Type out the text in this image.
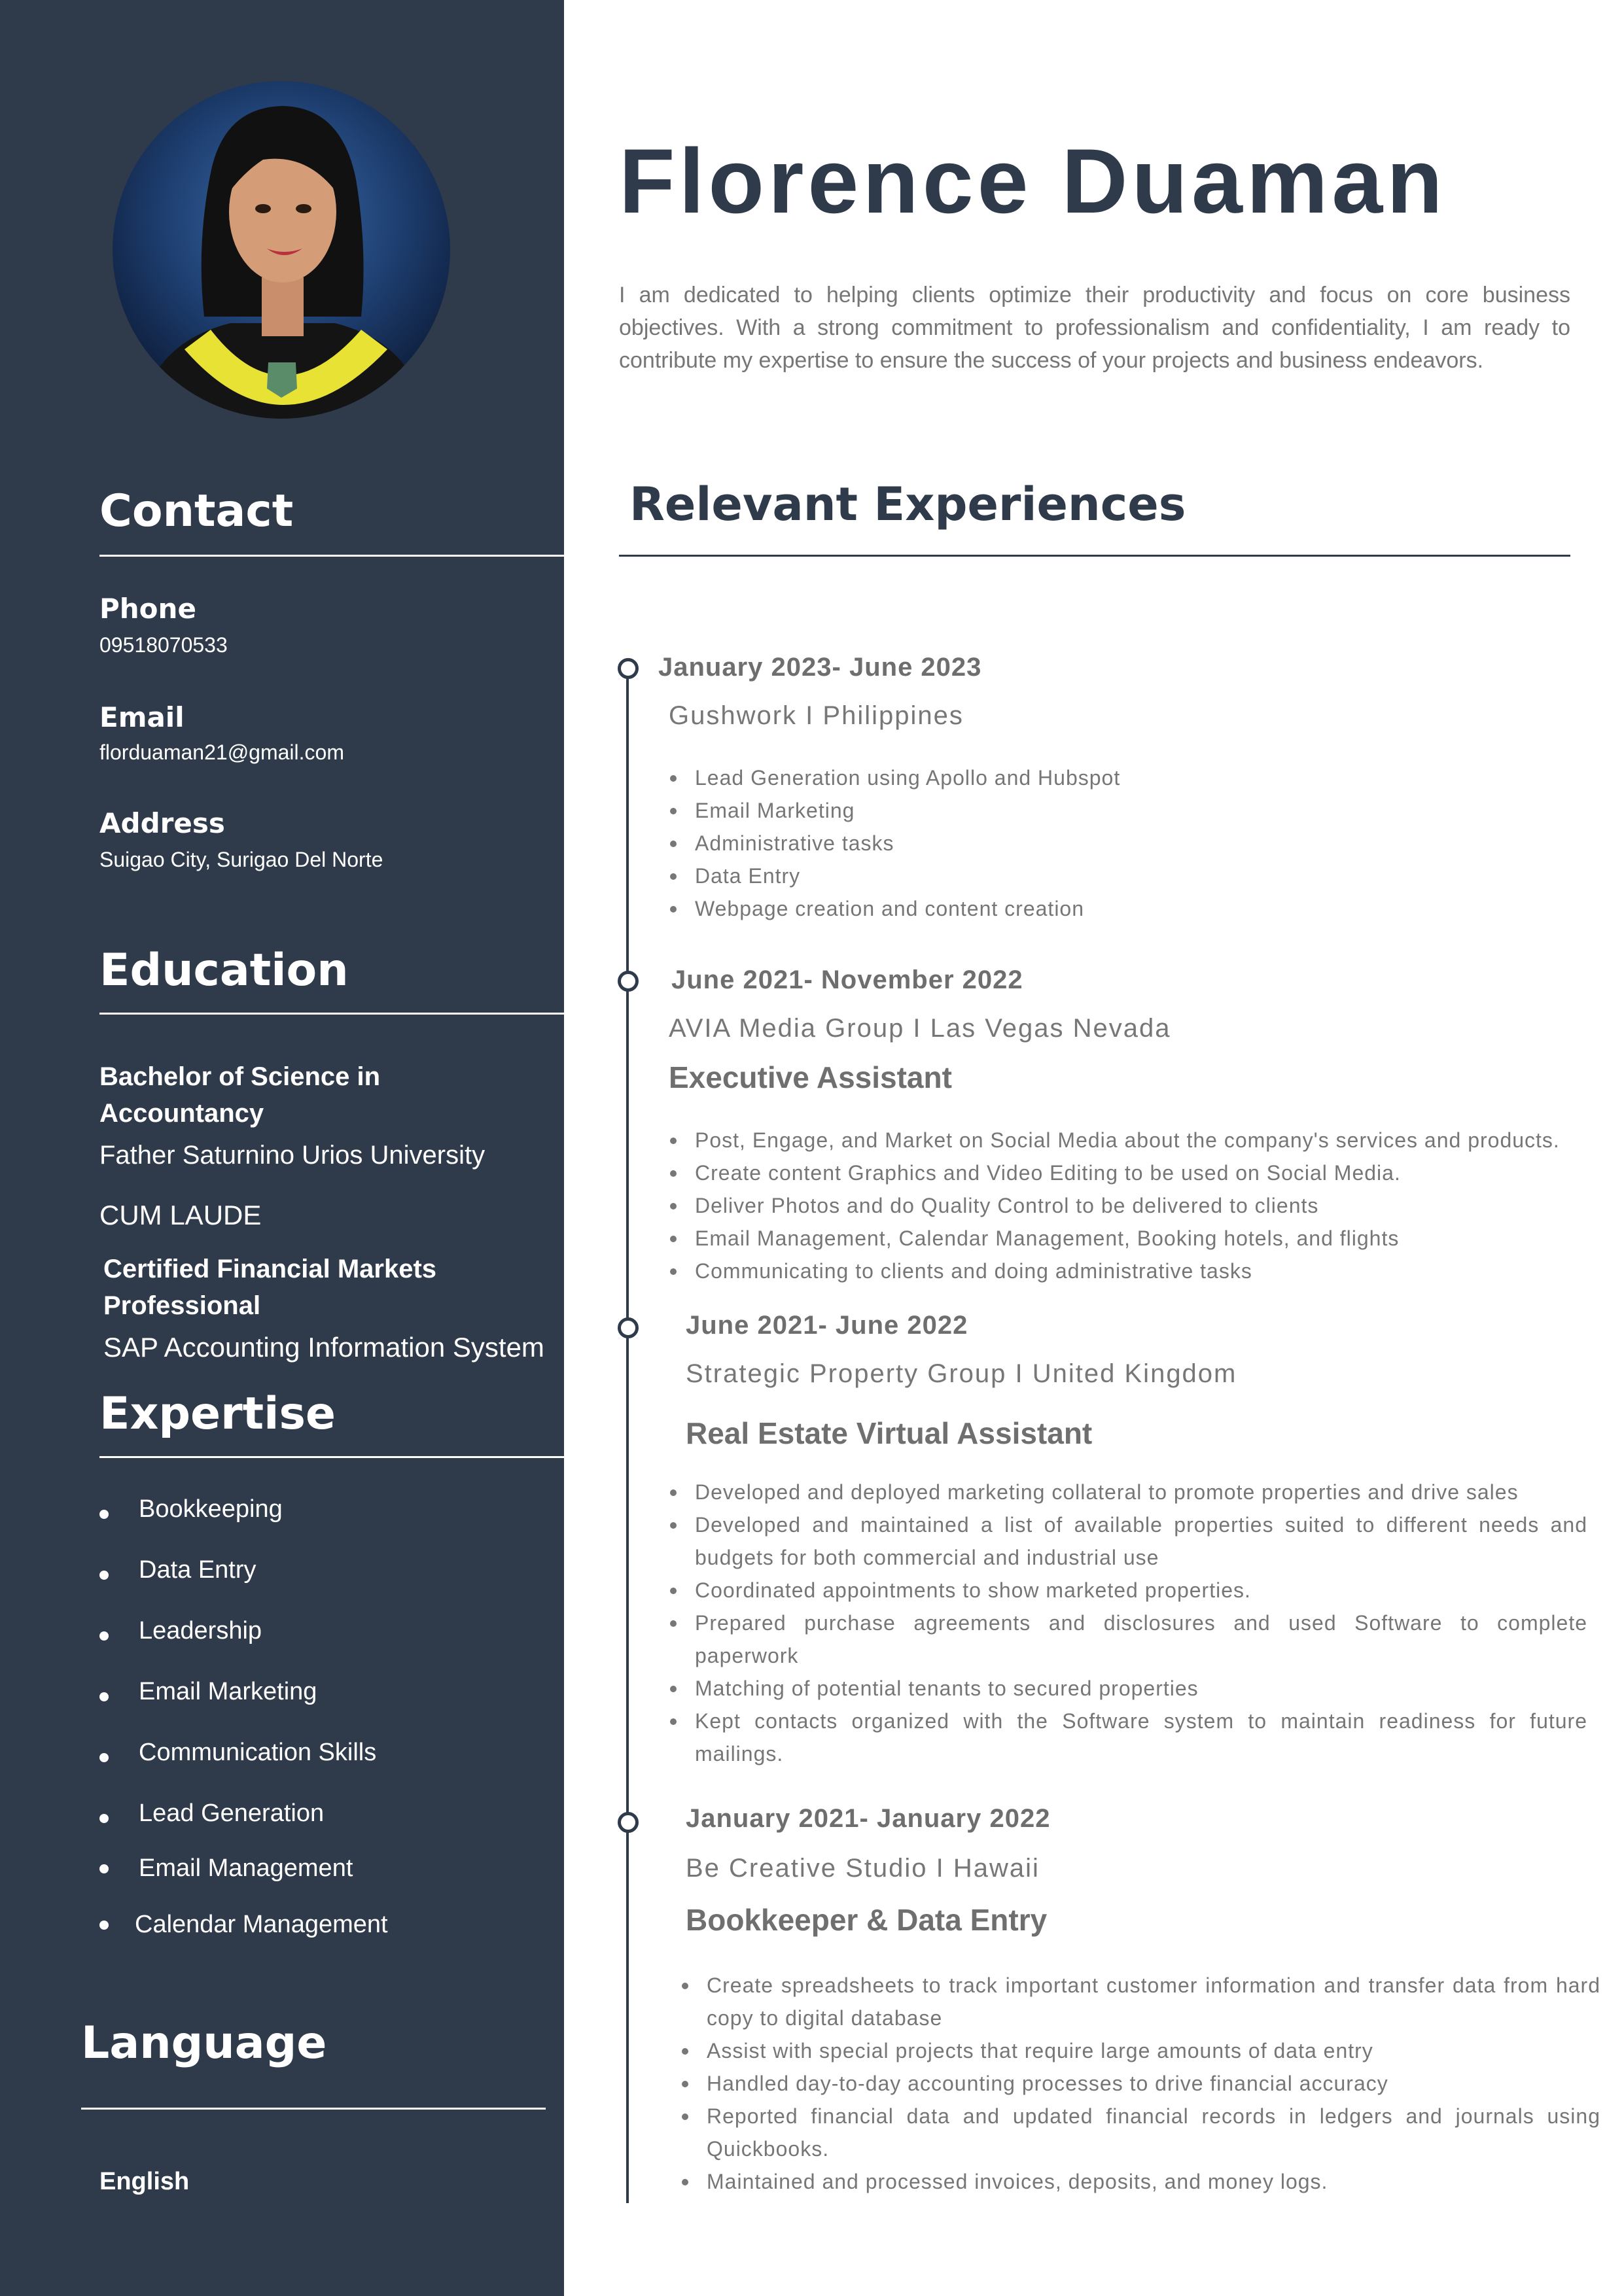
Contact
Phone
09518070533
Email
florduaman21@gmail.com
Address
Suigao City, Surigao Del Norte
Education
Bachelor of Science in Accountancy
Father Saturnino Urios University
CUM LAUDE
Certified Financial Markets Professional
SAP Accounting Information System
Expertise
Bookkeeping
Data Entry
Leadership
Email Marketing
Communication Skills
Lead Generation
Email Management
Calendar Management
Language
English
Florence Duaman
I am dedicated to helping clients optimize their productivity and focus on core business objectives. With a strong commitment to professionalism and confidentiality, I am ready to contribute my expertise to ensure the success of your projects and business endeavors.
Relevant Experiences
January 2023- June 2023
Gushwork I Philippines
Lead Generation using Apollo and Hubspot
Email Marketing
Administrative tasks
Data Entry
Webpage creation and content creation
June 2021- November 2022
AVIA Media Group I Las Vegas Nevada
Executive Assistant
Post, Engage, and Market on Social Media about the company's services and products.
Create content Graphics and Video Editing to be used on Social Media.
Deliver Photos and do Quality Control to be delivered to clients
Email Management, Calendar Management, Booking hotels, and flights
Communicating to clients and doing administrative tasks
June 2021- June 2022
Strategic Property Group I United Kingdom
Real Estate Virtual Assistant
Developed and deployed marketing collateral to promote properties and drive sales
Developed and maintained a list of available properties suited to different needs and budgets for both commercial and industrial use
Coordinated appointments to show marketed properties.
Prepared purchase agreements and disclosures and used Software to complete paperwork
Matching of potential tenants to secured properties
Kept contacts organized with the Software system to maintain readiness for future mailings.
January 2021- January 2022
Be Creative Studio I Hawaii
Bookkeeper & Data Entry
Create spreadsheets to track important customer information and transfer data from hard copy to digital database
Assist with special projects that require large amounts of data entry
Handled day-to-day accounting processes to drive financial accuracy
Reported financial data and updated financial records in ledgers and journals using Quickbooks.
Maintained and processed invoices, deposits, and money logs.
